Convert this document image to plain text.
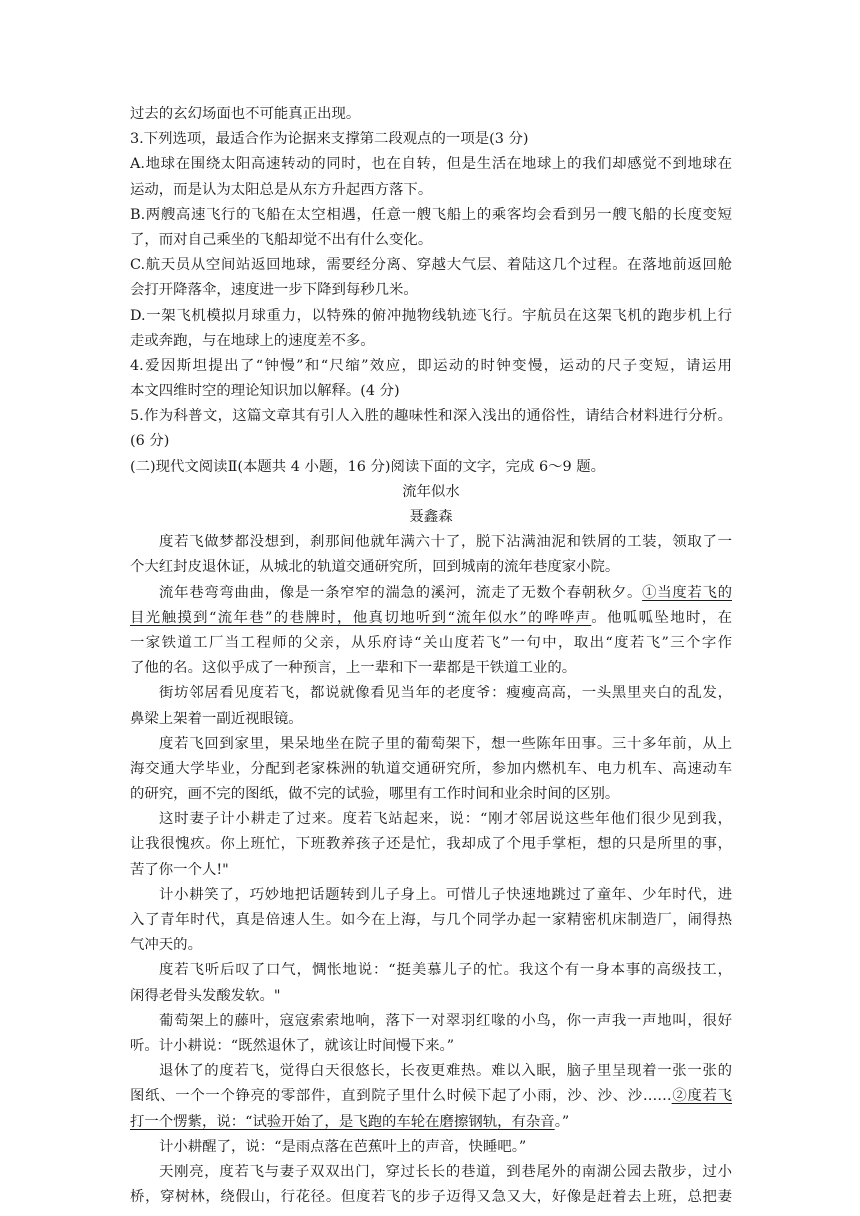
过去的玄幻场面也不可能真正出现。
3.下列选项，最适合作为论据来支撑第二段观点的一项是(3 分)
A.地球在围绕太阳高速转动的同时，也在自转，但是生活在地球上的我们却感觉不到地球在
运动，而是认为太阳总是从东方升起西方落下。
B.两艘高速飞行的飞船在太空相遇，任意一艘飞船上的乘客均会看到另一艘飞船的长度变短
了，而对自己乘坐的飞船却觉不出有什么变化。
C.航天员从空间站返回地球，需要经分离、穿越大气层、着陆这几个过程。在落地前返回舱
会打开降落伞，速度进一步下降到每秒几米。
D.一架飞机模拟月球重力，以特殊的俯冲抛物线轨迹飞行。宇航员在这架飞机的跑步机上行
走或奔跑，与在地球上的速度差不多。
4.爱因斯坦提出了“钟慢”和“尺缩”效应，即运动的时钟变慢，运动的尺子变短，请运用
本文四维时空的理论知识加以解释。(4 分)
5.作为科普文，这篇文章其有引人入胜的趣味性和深入浅出的通俗性，请结合材料进行分析。
(6 分)
(二)现代文阅读Ⅱ(本题共 4 小题，16 分)阅读下面的文字，完成 6～9 题。
流年似水
聂鑫森
度若飞做梦都没想到，刹那间他就年满六十了，脱下沾满油泥和铁屑的工装，领取了一
个大红封皮退休证，从城北的轨道交通研究所，回到城南的流年巷度家小院。
流年巷弯弯曲曲，像是一条窄窄的湍急的溪河，流走了无数个春朝秋夕。①当度若飞的
目光触摸到“流年巷”的巷牌时，他真切地听到“流年似水”的哗哗声。他呱呱坠地时，在
一家铁道工厂当工程师的父亲，从乐府诗“关山度若飞”一句中，取出“度若飞”三个字作
了他的名。这似乎成了一种预言，上一辈和下一辈都是干铁道工业的。
街坊邻居看见度若飞，都说就像看见当年的老度爷：瘦瘦高高，一头黑里夹白的乱发，
鼻梁上架着一副近视眼镜。
度若飞回到家里，果呆地坐在院子里的葡萄架下，想一些陈年田事。三十多年前，从上
海交通大学毕业，分配到老家株洲的轨道交通研究所，参加内燃机车、电力机车、高速动车
的研究，画不完的图纸，做不完的试验，哪里有工作时间和业余时间的区别。
这时妻子计小耕走了过来。度若飞站起来，说：“刚才邻居说这些年他们很少见到我，
让我很愧疚。你上班忙，下班教养孩子还是忙，我却成了个甩手掌柜，想的只是所里的事，
苦了你一个人!"
计小耕笑了，巧妙地把话题转到儿子身上。可惜儿子快速地跳过了童年、少年时代，进
入了青年时代，真是倍速人生。如今在上海，与几个同学办起一家精密机床制造厂，闹得热
气冲天的。
度若飞听后叹了口气，惆怅地说：“挺美慕儿子的忙。我这个有一身本事的高级技工，
闲得老骨头发酸发软。"
葡萄架上的藤叶，寇寇索索地响，落下一对翠羽红喙的小鸟，你一声我一声地叫，很好
听。计小耕说：“既然退休了，就该让时间慢下来。”
退休了的度若飞，觉得白天很悠长，长夜更难热。难以入眠，脑子里呈现着一张一张的
图纸、一个一个铮亮的零部件，直到院子里什么时候下起了小雨，沙、沙、沙……②度若飞
打一个愣紫，说：“试验开始了，是飞跑的车轮在磨擦钢轨，有杂音。”
计小耕醒了，说：“是雨点落在芭蕉叶上的声音，快睡吧。”
天刚亮，度若飞与妻子双双出门，穿过长长的巷道，到巷尾外的南湖公园去散步，过小
桥，穿树林，绕假山，行花径。但度若飞的步子迈得又急又大，好像是赶着去上班，总把妻
